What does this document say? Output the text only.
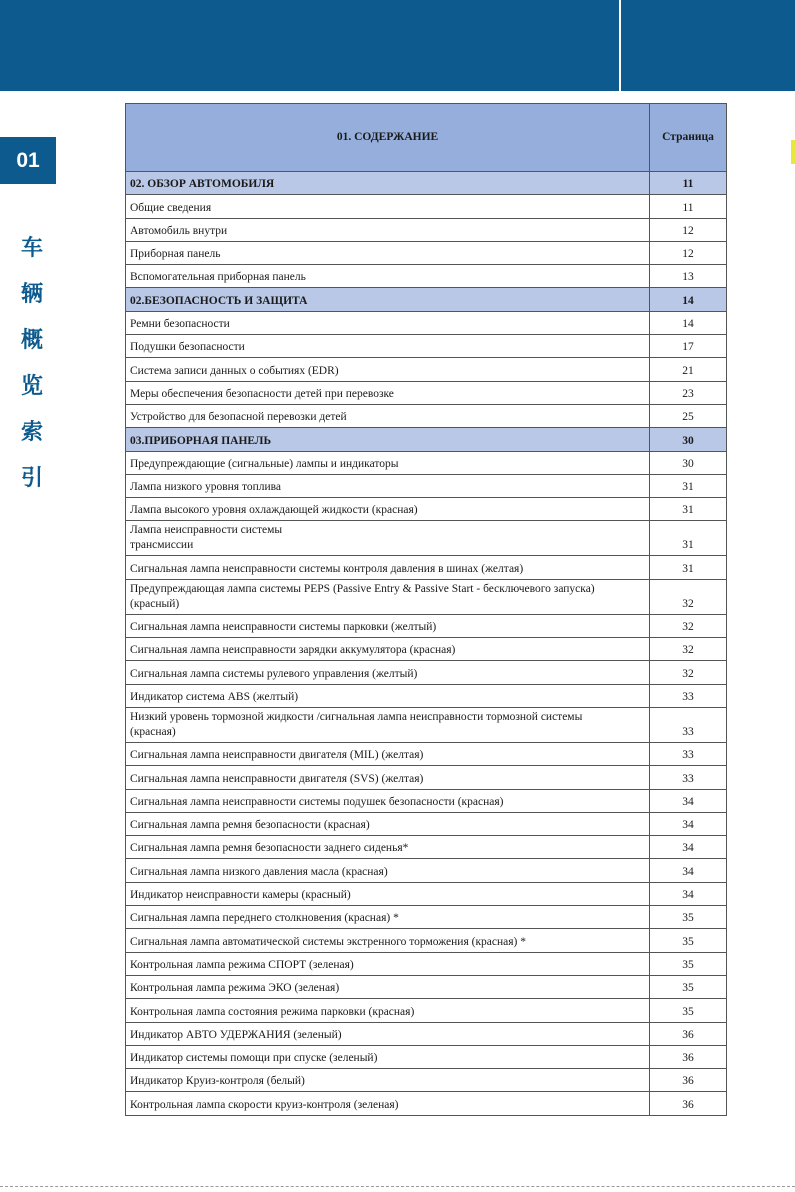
01
车
辆
概
览
索
引
01. СОДЕРЖАНИЕ	Страница
02. ОБЗОР АВТОМОБИЛЯ	11
Общие сведения	11
Автомобиль внутри	12
Приборная панель	12
Вспомогательная приборная панель	13
02.БЕЗОПАСНОСТЬ И ЗАЩИТА	14
Ремни безопасности	14
Подушки безопасности	17
Система записи данных о событиях (EDR)	21
Меры обеспечения безопасности детей при перевозке	23
Устройство для безопасной перевозки детей	25
03.ПРИБОРНАЯ ПАНЕЛЬ	30
Предупреждающие (сигнальные) лампы и индикаторы	30
Лампа низкого уровня топлива	31
Лампа высокого уровня охлаждающей жидкости (красная)	31
Лампа неисправности системы
трансмиссии	31
Сигнальная лампа неисправности системы контроля давления в шинах (желтая)	31
Предупреждающая лампа системы PEPS (Passive Entry & Passive Start - бесключевого запуска)
(красный)	32
Сигнальная лампа неисправности системы парковки (желтый)	32
Сигнальная лампа неисправности зарядки аккумулятора (красная)	32
Сигнальная лампа системы рулевого управления (желтый)	32
Индикатор система ABS (желтый)	33
Низкий уровень тормозной жидкости /сигнальная лампа неисправности тормозной системы
(красная)	33
Сигнальная лампа неисправности двигателя (MIL) (желтая)	33
Сигнальная лампа неисправности двигателя (SVS) (желтая)	33
Сигнальная лампа неисправности системы подушек безопасности (красная)	34
Сигнальная лампа ремня безопасности (красная)	34
Сигнальная лампа ремня безопасности заднего сиденья*	34
Сигнальная лампа низкого давления масла (красная)	34
Индикатор неисправности камеры (красный)	34
Сигнальная лампа переднего столкновения (красная) *	35
Сигнальная лампа автоматической системы экстренного торможения (красная) *	35
Контрольная лампа режима СПОРТ (зеленая)	35
Контрольная лампа режима ЭКО (зеленая)	35
Контрольная лампа состояния режима парковки (красная)	35
Индикатор АВТО УДЕРЖАНИЯ (зеленый)	36
Индикатор системы помощи при спуске (зеленый)	36
Индикатор Круиз-контроля (белый)	36
Контрольная лампа скорости круиз-контроля (зеленая)	36
